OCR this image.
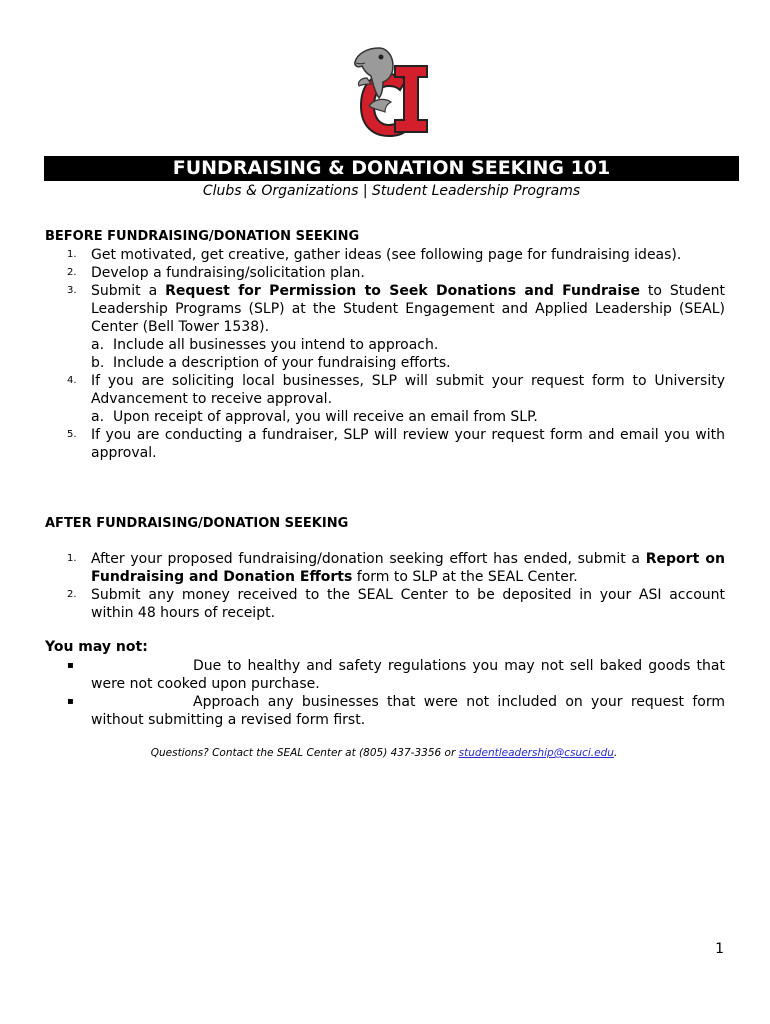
FUNDRAISING & DONATION SEEKING 101
Clubs & Organizations | Student Leadership Programs
BEFORE FUNDRAISING/DONATION SEEKING
1. Get motivated, get creative, gather ideas (see following page for fundraising ideas).
2. Develop a fundraising/solicitation plan.
3. Submit a Request for Permission to Seek Donations and Fundraise to Student Leadership Programs (SLP) at the Student Engagement and Applied Leadership (SEAL) Center (Bell Tower 1538).
a. Include all businesses you intend to approach.
b. Include a description of your fundraising efforts.
4. If you are soliciting local businesses, SLP will submit your request form to University Advancement to receive approval.
a. Upon receipt of approval, you will receive an email from SLP.
5. If you are conducting a fundraiser, SLP will review your request form and email you with approval.
AFTER FUNDRAISING/DONATION SEEKING
1. After your proposed fundraising/donation seeking effort has ended, submit a Report on Fundraising and Donation Efforts form to SLP at the SEAL Center.
2. Submit any money received to the SEAL Center to be deposited in your ASI account within 48 hours of receipt.
You may not:
▪	Due to healthy and safety regulations you may not sell baked goods that were not cooked upon purchase.
▪	Approach any businesses that were not included on your request form without submitting a revised form first.
Questions? Contact the SEAL Center at (805) 437-3356 or studentleadership@csuci.edu.
1
